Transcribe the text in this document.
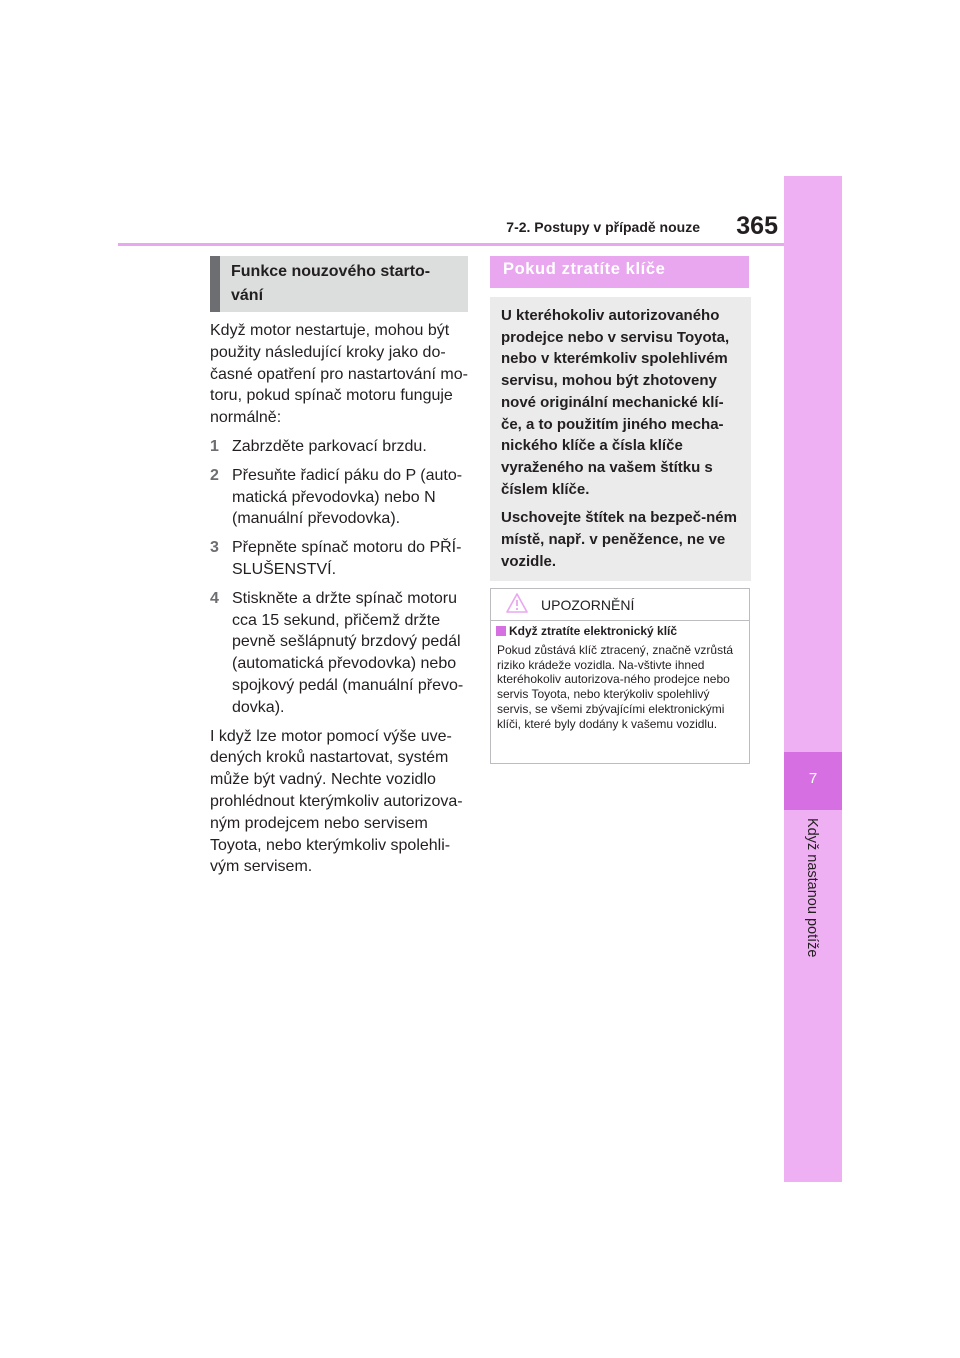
7-2. Postupy v případě nouze	365
7
Když nastanou potíže
Funkce nouzového starto-
vání

Když motor nestartuje, mohou být použity následující kroky jako do-časné opatření pro nastartování mo-toru, pokud spínač motoru funguje normálně:

1 Zabrzděte parkovací brzdu.
2 Přesuňte řadicí páku do P (auto-matická převodovka) nebo N (manuální převodovka).
3 Přepněte spínač motoru do PŘÍ-SLUŠENSTVÍ.
4 Stiskněte a držte spínač motoru cca 15 sekund, přičemž držte pevně sešlápnutý brzdový pedál (automatická převodovka) nebo spojkový pedál (manuální převo-dovka).

I když lze motor pomocí výše uve-dených kroků nastartovat, systém může být vadný. Nechte vozidlo prohlédnout kterýmkoliv autorizova-ným prodejcem nebo servisem Toyota, nebo kterýmkoliv spolehli-vým servisem.

Pokud ztratíte klíče

U kteréhokoliv autorizovaného prodejce nebo v servisu Toyota, nebo v kterémkoliv spolehlivém servisu, mohou být zhotoveny nové originální mechanické klí-če, a to použitím jiného mecha-nického klíče a čísla klíče vyraženého na vašem štítku s číslem klíče.

Uschovejte štítek na bezpeč-ném místě, např. v peněžence, ne ve vozidle.

UPOZORNĚNÍ
Když ztratíte elektronický klíč
Pokud zůstává klíč ztracený, značně vzrůstá riziko krádeže vozidla. Na-vštivte ihned kteréhokoliv autorizova-ného prodejce nebo servis Toyota, nebo kterýkoliv spolehlivý servis, se všemi zbývajícími elektronickými klíči, které byly dodány k vašemu vozidlu.
